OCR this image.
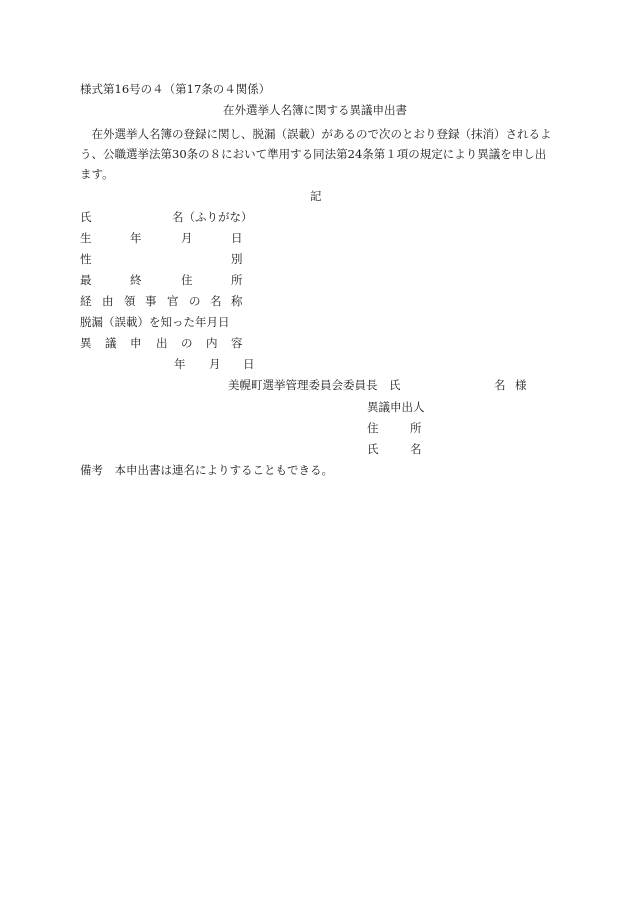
様式第16号の４（第17条の４関係）
在外選挙人名簿に関する異議申出書
　在外選挙人名簿の登録に関し、脱漏（誤載）があるので次のとおり登録（抹消）されるよう、公職選挙法第30条の８において準用する同法第24条第１項の規定により異議を申し出ます。
記
氏	名（ふりがな）
生	年	月	日
性	別
最	終	住	所
経 由 領 事 官 の 名 称
脱漏（誤載）を知った年月日
異 議 申 出 の 内 容
年 月 日
美幌町選挙管理委員会委員長　氏	名 様
異議申出人
住	所
氏	名
備考　本申出書は連名によりすることもできる。
